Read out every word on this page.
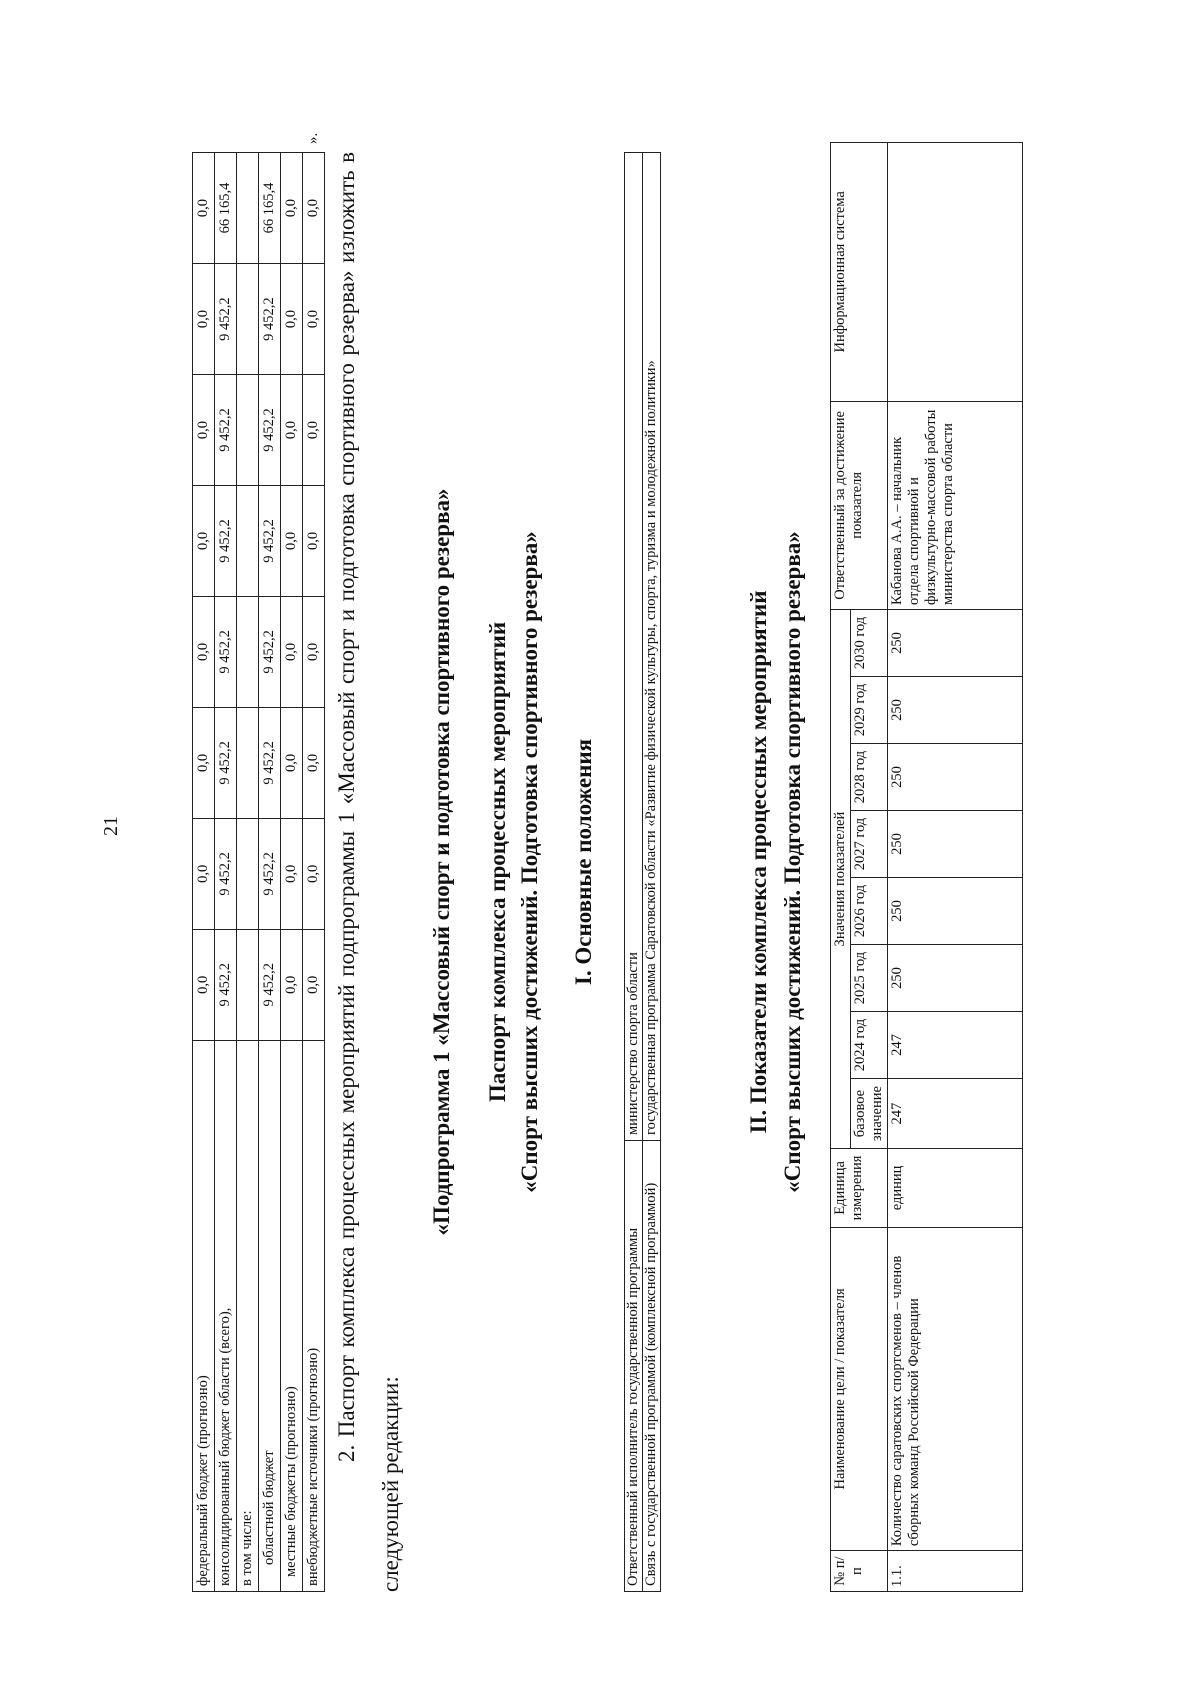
21
федеральный бюджет (прогнозно)	0,0	0,0	0,0	0,0	0,0	0,0	0,0	0,0
консолидированный бюджет области (всего),	9 452,2	9 452,2	9 452,2	9 452,2	9 452,2	9 452,2	9 452,2	66 165,4
в том числе:								
областной бюджет	9 452,2	9 452,2	9 452,2	9 452,2	9 452,2	9 452,2	9 452,2	66 165,4
местные бюджеты (прогнозно)	0,0	0,0	0,0	0,0	0,0	0,0	0,0	0,0
внебюджетные источники (прогнозно)	0,0	0,0	0,0	0,0	0,0	0,0	0,0	0,0
».

2. Паспорт комплекса процессных мероприятий подпрограммы 1 «Массовый спорт и подготовка спортивного резерва» изложить в следующей редакции:

«Подпрограмма 1 «Массовый спорт и подготовка спортивного резерва» Паспорт комплекса процессных мероприятий «Спорт высших достижений. Подготовка спортивного резерва» I. Основные положения

Ответственный исполнитель государственной программы	министерство спорта области
Связь с государственной программой (комплексной программой)	государственная программа Саратовской области «Развитие физической культуры, спорта, туризма и молодежной политики»	II. Показатели комплекса процессных мероприятий «Спорт высших достижений. Подготовка спортивного резерва»
№ п/п	Наименование цели / показателя	Единица измерения	Значения показателей								Ответственный за достижение показателя	Информационная система
			базовое значение	2024 год	2025 год	2026 год	2027 год	2028 год	2029 год	2030 год		
1.1.	Количество саратовских спортсменов – членов сборных команд Российской Федерации	единиц	247	247	250	250	250	250	250	250	Кабанова А.А. – начальник отдела спортивной и физкультурно-массовой работы министерства спорта области	
